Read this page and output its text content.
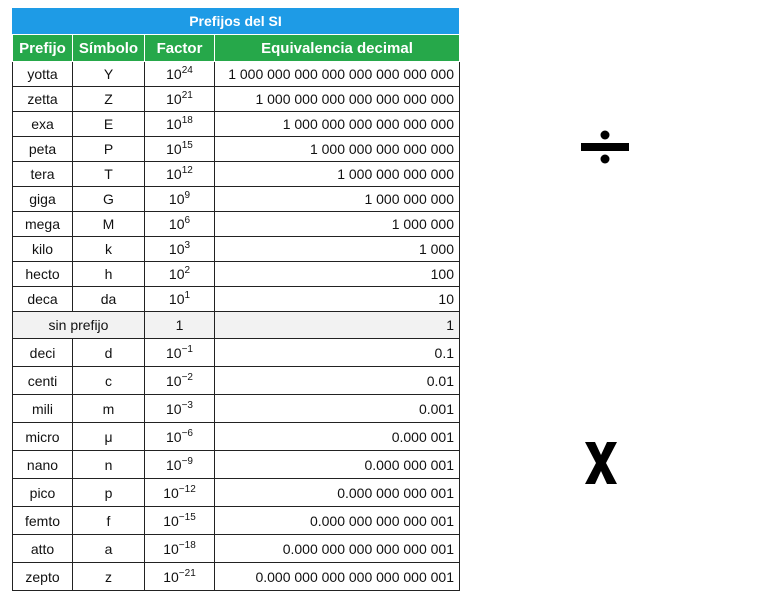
Prefijos del SI
Prefijo	Símbolo	Factor	Equivalencia decimal
yotta	Y	$10^{24}$	1 000 000 000 000 000 000 000 000
zetta	Z	$10^{21}$	1 000 000 000 000 000 000 000
exa	E	$10^{18}$	1 000 000 000 000 000 000
peta	P	$10^{15}$	1 000 000 000 000 000
tera	T	$10^{12}$	1 000 000 000 000
giga	G	$10^9$	1 000 000 000
mega	M	$10^6$	1 000 000
kilo	k	$10^3$	1 000
hecto	h	$10^2$	100
deca	da	$10^1$	10
sin prefijo		1	1
deci	d	$10^{-1}$	0.1
centi	c	$10^{-2}$	0.01
mili	m	$10^{-3}$	0.001
micro	μ	$10^{-6}$	0.000 001
nano	n	$10^{-9}$	0.000 000 001
pico	p	$10^{-12}$	0.000 000 000 001
femto	f	$10^{-15}$	0.000 000 000 000 001
atto	a	$10^{-18}$	0.000 000 000 000 000 001
zepto	z	$10^{-21}$	0.000 000 000 000 000 000 001
